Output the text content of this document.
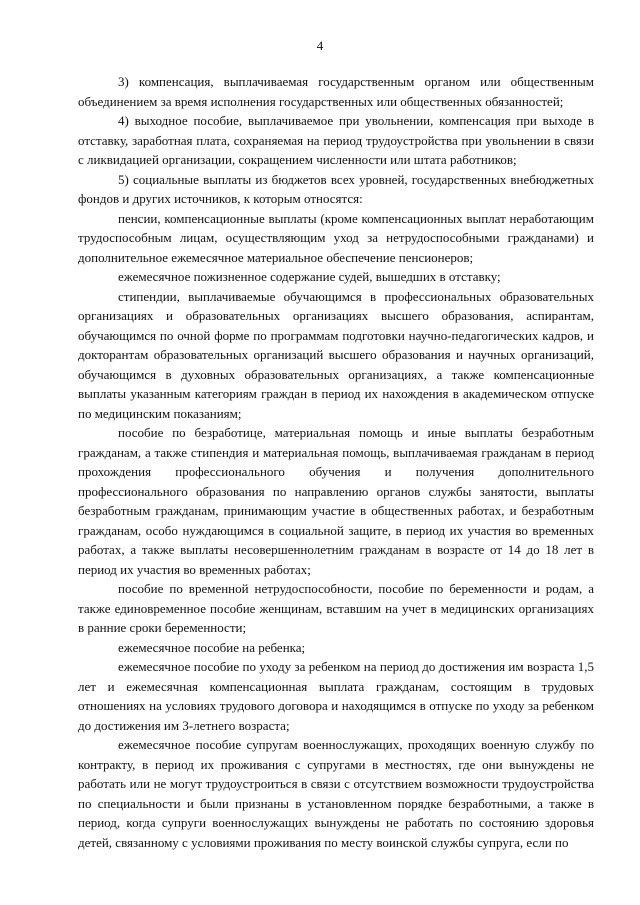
4

3) компенсация, выплачиваемая государственным органом или общественным объединением за время исполнения государственных или общественных обязанностей;

4) выходное пособие, выплачиваемое при увольнении, компенсация при выходе в отставку, заработная плата, сохраняемая на период трудоустройства при увольнении в связи с ликвидацией организации, сокращением численности или штата работников;

5) социальные выплаты из бюджетов всех уровней, государственных внебюджетных фондов и других источников, к которым относятся:

пенсии, компенсационные выплаты (кроме компенсационных выплат неработающим трудоспособным лицам, осуществляющим уход за нетрудоспособными гражданами) и дополнительное ежемесячное материальное обеспечение пенсионеров;

ежемесячное пожизненное содержание судей, вышедших в отставку;

стипендии, выплачиваемые обучающимся в профессиональных образовательных организациях и образовательных организациях высшего образования, аспирантам, обучающимся по очной форме по программам подготовки научно-педагогических кадров, и докторантам образовательных организаций высшего образования и научных организаций, обучающимся в духовных образовательных организациях, а также компенсационные выплаты указанным категориям граждан в период их нахождения в академическом отпуске по медицинским показаниям;

пособие по безработице, материальная помощь и иные выплаты безработным гражданам, а также стипендия и материальная помощь, выплачиваемая гражданам в период прохождения профессионального обучения и получения дополнительного профессионального образования по направлению органов службы занятости, выплаты безработным гражданам, принимающим участие в общественных работах, и безработным гражданам, особо нуждающимся в социальной защите, в период их участия во временных работах, а также выплаты несовершеннолетним гражданам в возрасте от 14 до 18 лет в период их участия во временных работах;

пособие по временной нетрудоспособности, пособие по беременности и родам, а также единовременное пособие женщинам, вставшим на учет в медицинских организациях в ранние сроки беременности;

ежемесячное пособие на ребенка;

ежемесячное пособие по уходу за ребенком на период до достижения им возраста 1,5 лет и ежемесячная компенсационная выплата гражданам, состоящим в трудовых отношениях на условиях трудового договора и находящимся в отпуске по уходу за ребенком до достижения им 3-летнего возраста;

ежемесячное пособие супругам военнослужащих, проходящих военную службу по контракту, в период их проживания с супругами в местностях, где они вынуждены не работать или не могут трудоустроиться в связи с отсутствием возможности трудоустройства по специальности и были признаны в установленном порядке безработными, а также в период, когда супруги военнослужащих вынуждены не работать по состоянию здоровья детей, связанному с условиями проживания по месту воинской службы супруга, если по
